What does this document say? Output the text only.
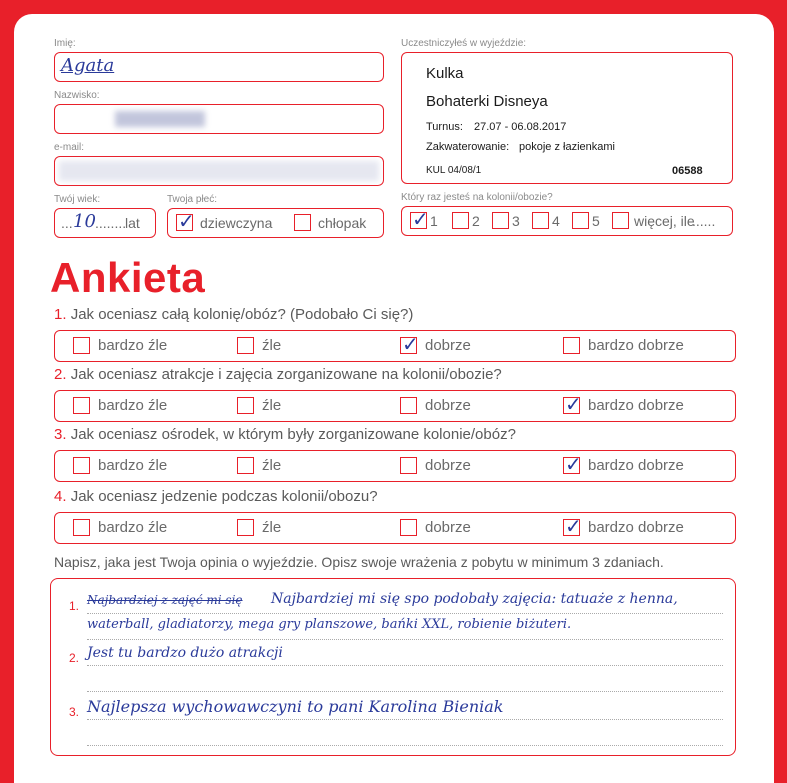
Imię:
Agata
Nazwisko:
e-mail:
Twój wiek:
... 10 ........
lat
Twoja płeć:
✓ dziewczyna	chłopak
Uczestniczyłeś w wyjeździe:
Kulka
Bohaterki Disneya
Turnus: 27.07 - 06.08.2017
Zakwaterowanie: pokoje z łazienkami
KUL 04/08/1	06588
Który raz jesteś na kolonii/obozie?
✓ 1 2 3 4 5 więcej, ile
......
Ankieta
1. Jak oceniasz całą kolonię/obóz? (Podobało Ci się?)
bardzo źle	źle	✓ dobrze	bardzo dobrze
2. Jak oceniasz atrakcje i zajęcia zorganizowane na kolonii/obozie?
bardzo źle	źle	dobrze	✓ bardzo dobrze
3. Jak oceniasz ośrodek, w którym były zorganizowane kolonie/obóz?
bardzo źle	źle	dobrze	✓ bardzo dobrze
4. Jak oceniasz jedzenie podczas kolonii/obozu?
bardzo źle	źle	dobrze	✓ bardzo dobrze
Napisz, jaka jest Twoja opinia o wyjeździe. Opisz swoje wrażenia z pobytu w minimum 3 zdaniach.
1.
2.
3.
Najbardziej z zajęć mi się Najbardziej mi się spo podobały zajęcia: tatuaże z henna,
waterball, gladiatorzy, mega gry planszowe, bańki XXL, robienie biżuteri.
Jest tu bardzo dużo atrakcji
Najlepsza wychowawczyni to pani Karolina Bieniak
